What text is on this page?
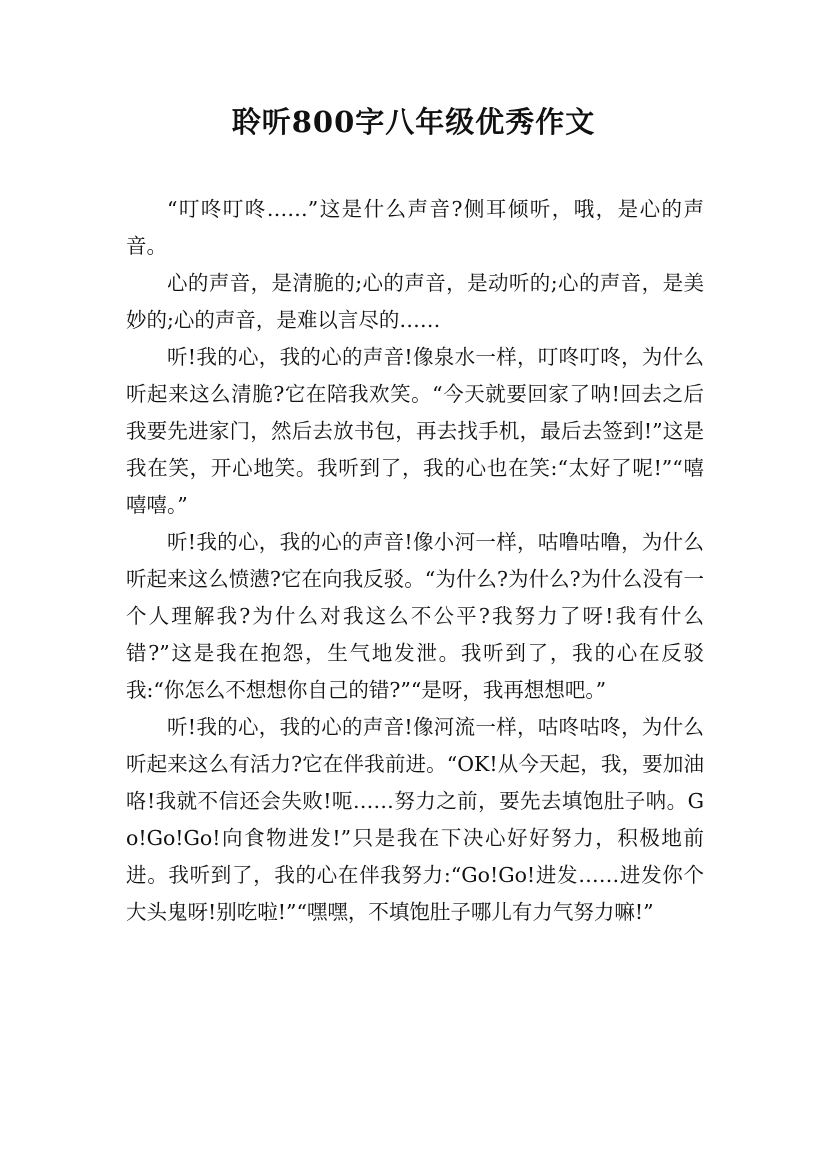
聆听800字八年级优秀作文

“叮咚叮咚……”这是什么声音?侧耳倾听，哦，是心的声音。

心的声音，是清脆的;心的声音，是动听的;心的声音，是美妙的;心的声音，是难以言尽的……

听!我的心，我的心的声音!像泉水一样，叮咚叮咚，为什么听起来这么清脆?它在陪我欢笑。“今天就要回家了呐!回去之后我要先进家门，然后去放书包，再去找手机，最后去签到!”这是我在笑，开心地笑。我听到了，我的心也在笑:“太好了呢!”“嘻嘻嘻。”

听!我的心，我的心的声音!像小河一样，咕噜咕噜，为什么听起来这么愤懑?它在向我反驳。“为什么?为什么?为什么没有一个人理解我?为什么对我这么不公平?我努力了呀!我有什么错?”这是我在抱怨，生气地发泄。我听到了，我的心在反驳我:“你怎么不想想你自己的错?”“是呀，我再想想吧。”

听!我的心，我的心的声音!像河流一样，咕咚咕咚，为什么听起来这么有活力?它在伴我前进。“OK!从今天起，我，要加油咯!我就不信还会失败!呃……努力之前，要先去填饱肚子呐。Go!Go!Go!向食物进发!”只是我在下决心好好努力，积极地前进。我听到了，我的心在伴我努力:“Go!Go!进发……进发你个大头鬼呀!别吃啦!”“嘿嘿，不填饱肚子哪儿有力气努力嘛!”
